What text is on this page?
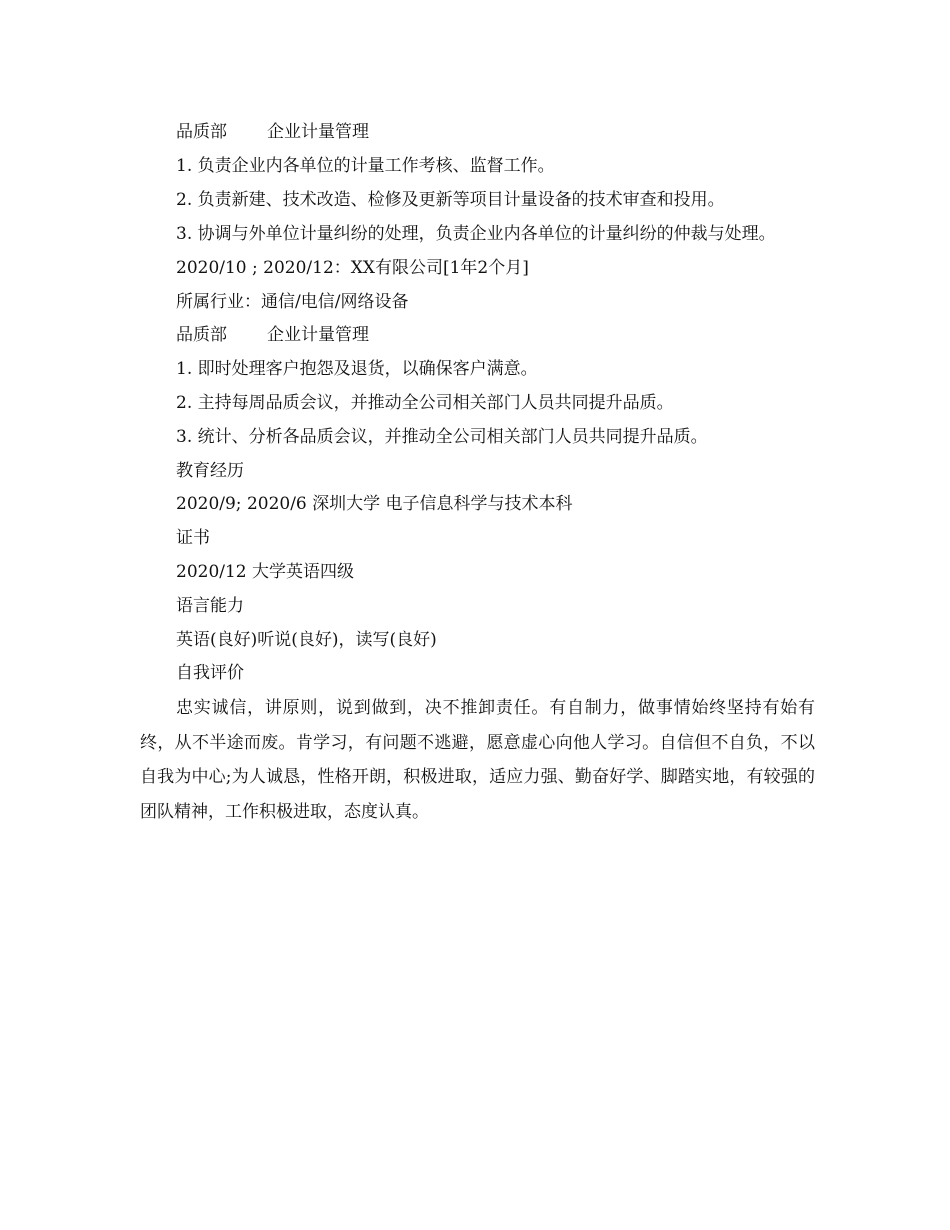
品质部 企业计量管理
1. 负责企业内各单位的计量工作考核、监督工作。
2. 负责新建、技术改造、检修及更新等项目计量设备的技术审查和投用。
3. 协调与外单位计量纠纷的处理，负责企业内各单位的计量纠纷的仲裁与处理。
2020/10 ; 2020/12：XX有限公司[1年2个月]
所属行业：通信/电信/网络设备
品质部 企业计量管理
1. 即时处理客户抱怨及退货，以确保客户满意。
2. 主持每周品质会议，并推动全公司相关部门人员共同提升品质。
3. 统计、分析各品质会议，并推动全公司相关部门人员共同提升品质。
教育经历
2020/9; 2020/6 深圳大学 电子信息科学与技术本科
证书
2020/12 大学英语四级
语言能力
英语(良好)听说(良好)，读写(良好)
自我评价
忠实诚信，讲原则，说到做到，决不推卸责任。有自制力，做事情始终坚持有始有终，从不半途而废。肯学习，有问题不逃避，愿意虚心向他人学习。自信但不自负，不以自我为中心;为人诚恳，性格开朗，积极进取，适应力强、勤奋好学、脚踏实地，有较强的团队精神，工作积极进取，态度认真。
